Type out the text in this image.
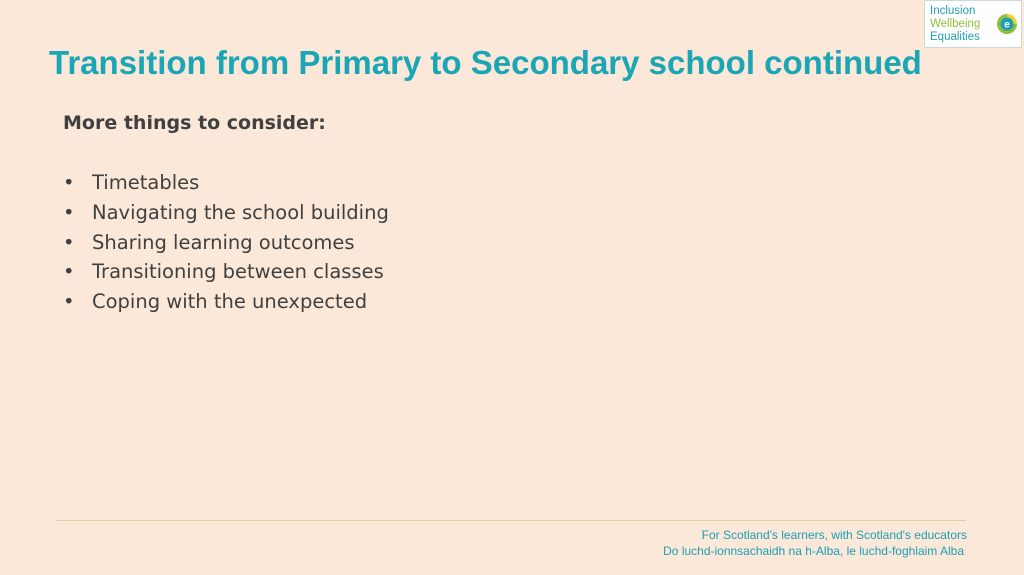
Inclusion
Wellbeing
Equalities
e
Transition from Primary to Secondary school continued
More things to consider:
• Timetables
• Navigating the school building
• Sharing learning outcomes
• Transitioning between classes
• Coping with the unexpected
For Scotland's learners, with Scotland's educators
Do luchd-ionnsachaidh na h-Alba, le luchd-foghlaim Alba
